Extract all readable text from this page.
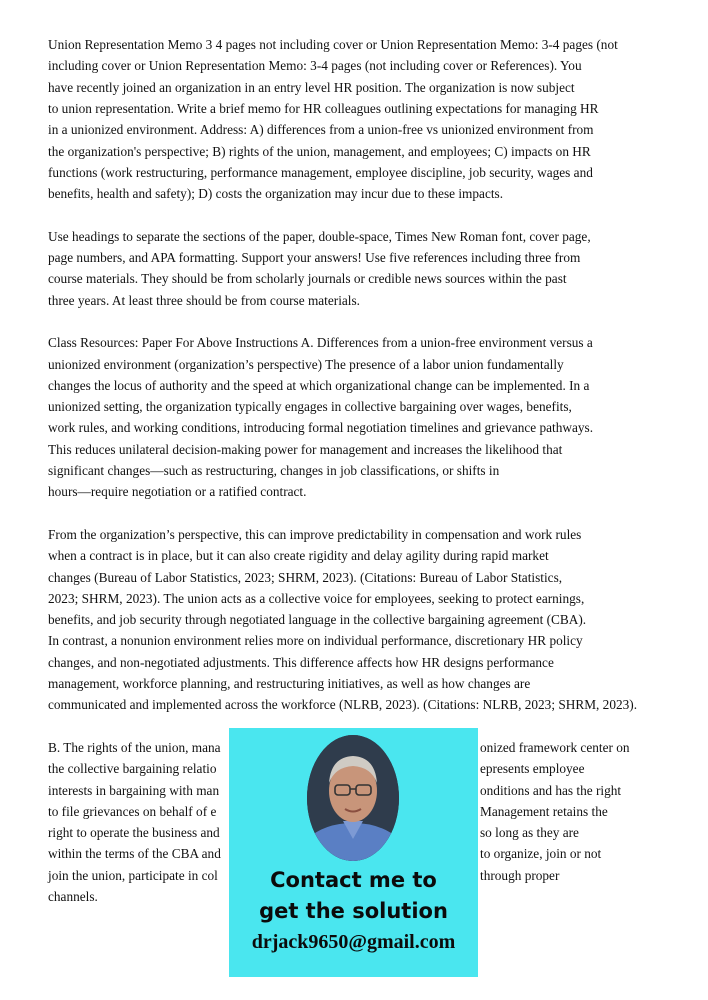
Union Representation Memo 3 4 pages not including cover or Union Representation Memo: 3-4 pages (not

including cover or Union Representation Memo: 3-4 pages (not including cover or References). You

have recently joined an organization in an entry level HR position. The organization is now subject

to union representation. Write a brief memo for HR colleagues outlining expectations for managing HR

in a unionized environment. Address: A) differences from a union-free vs unionized environment from

the organization's perspective; B) rights of the union, management, and employees; C) impacts on HR

functions (work restructuring, performance management, employee discipline, job security, wages and

benefits, health and safety); D) costs the organization may incur due to these impacts.

Use headings to separate the sections of the paper, double-space, Times New Roman font, cover page,

page numbers, and APA formatting. Support your answers! Use five references including three from

course materials. They should be from scholarly journals or credible news sources within the past

three years. At least three should be from course materials.

Class Resources: Paper For Above Instructions A. Differences from a union-free environment versus a

unionized environment (organization’s perspective) The presence of a labor union fundamentally

changes the locus of authority and the speed at which organizational change can be implemented. In a

unionized setting, the organization typically engages in collective bargaining over wages, benefits,

work rules, and working conditions, introducing formal negotiation timelines and grievance pathways.

This reduces unilateral decision-making power for management and increases the likelihood that

significant changes—such as restructuring, changes in job classifications, or shifts in

hours—require negotiation or a ratified contract.

From the organization’s perspective, this can improve predictability in compensation and work rules

when a contract is in place, but it can also create rigidity and delay agility during rapid market

changes (Bureau of Labor Statistics, 2023; SHRM, 2023). (Citations: Bureau of Labor Statistics,

2023; SHRM, 2023). The union acts as a collective voice for employees, seeking to protect earnings,

benefits, and job security through negotiated language in the collective bargaining agreement (CBA).

In contrast, a nonunion environment relies more on individual performance, discretionary HR policy

changes, and non-negotiated adjustments. This difference affects how HR designs performance

management, workforce planning, and restructuring initiatives, as well as how changes are

communicated and implemented across the workforce (NLRB, 2023). (Citations: NLRB, 2023; SHRM, 2023).

B. The rights of the union, mana	onized framework center on

the collective bargaining relatio	epresents employee

interests in bargaining with man	onditions and has the right

to file grievances on behalf of e	Management retains the

right to operate the business and	so long as they are

within the terms of the CBA and	to organize, join or not

join the union, participate in col	through proper

channels.

Contact me to
get the solution
drjack9650@gmail.com
